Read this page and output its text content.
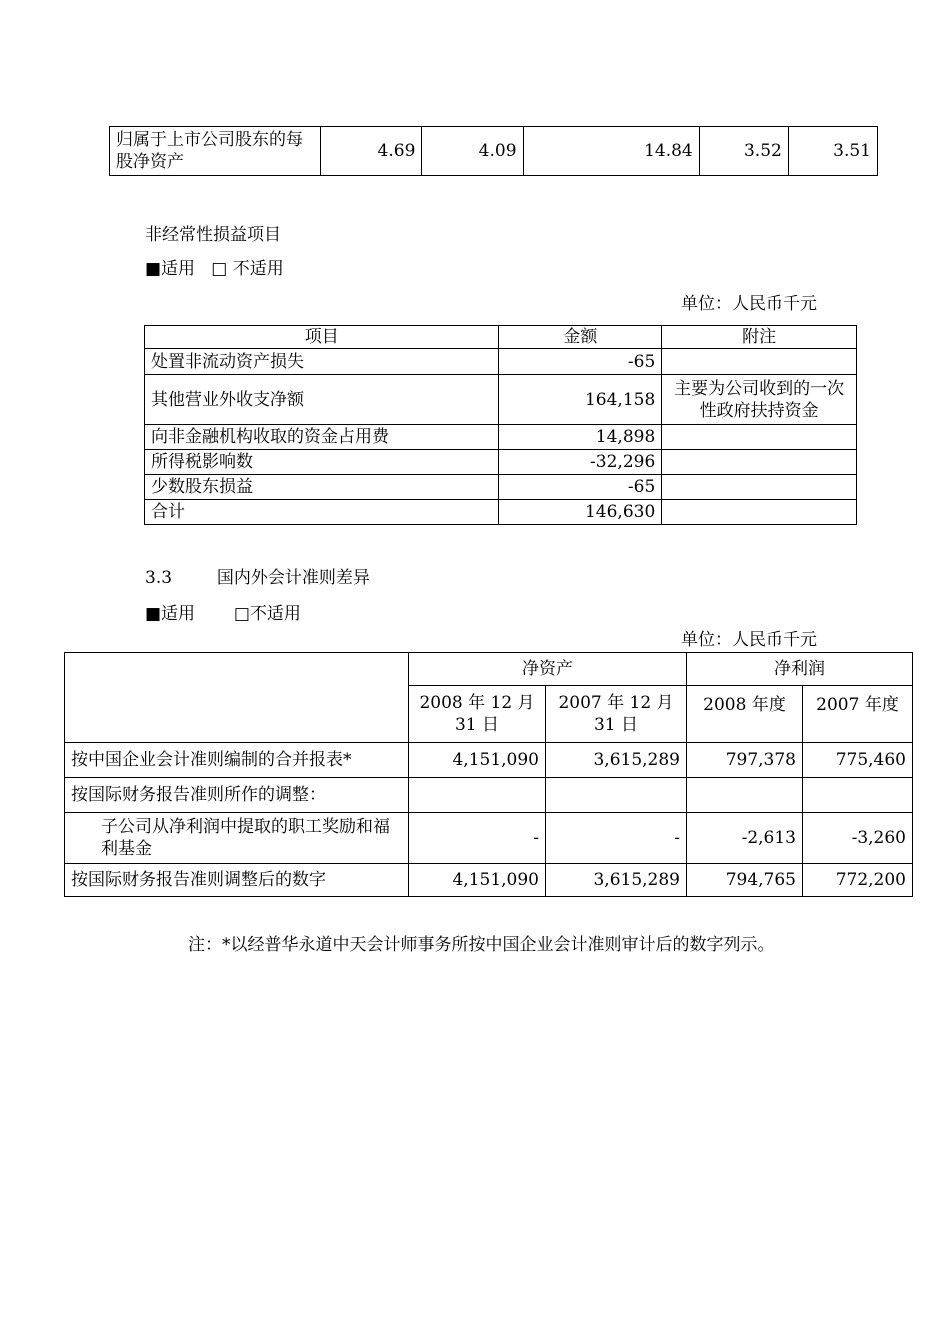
归属于上市公司股东的每股净资产	4.69	4.09	14.84	3.52	3.51
非经常性损益项目
■适用 □ 不适用
单位：人民币千元
项目	金额	附注
处置非流动资产损失	-65	
其他营业外收支净额	164,158	主要为公司收到的一次性政府扶持资金
向非金融机构收取的资金占用费	14,898	
所得税影响数	-32,296	
少数股东损益	-65	
合计	146,630	
3.3	国内外会计准则差异
■适用 □不适用
单位：人民币千元
	净资产		净利润	
	2008 年 12 月 31 日	2007 年 12 月 31 日	2008 年度	2007 年度
按中国企业会计准则编制的合并报表*	4,151,090	3,615,289	797,378	775,460
按国际财务报告准则所作的调整：				
子公司从净利润中提取的职工奖励和福利基金	-	-	-2,613	-3,260
按国际财务报告准则调整后的数字	4,151,090	3,615,289	794,765	772,200
注：*以经普华永道中天会计师事务所按中国企业会计准则审计后的数字列示。
